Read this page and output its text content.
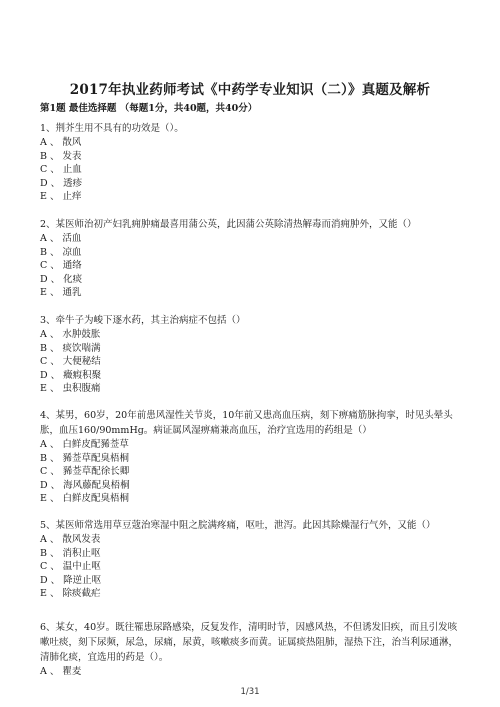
2017年执业药师考试《中药学专业知识（二）》真题及解析
第1题 最佳选择题 （每题1分，共40题，共40分）

1、荆芥生用不具有的功效是（）。

A 、 散风

B 、 发表

C 、 止血

D 、 透疹

E 、 止痒

2、某医师治初产妇乳痈肿痛最喜用蒲公英，此因蒲公英除清热解毒而消痈肿外，又能（）

A 、 活血

B 、 凉血

C 、 通络

D 、 化痰

E 、 通乳

3、牵牛子为峻下逐水药，其主治病症不包括（）

A 、 水肿鼓胀

B 、 痰饮喘满

C 、 大便秘结

D 、 癥瘕积聚

E 、 虫积腹痛

4、某男，60岁，20年前患风湿性关节炎，10年前又患高血压病，刻下痹痛筋脉拘挛，时见头晕头胀，血压160/90mmHg。病证属风湿痹痛兼高血压，治疗宜选用的药组是（）

A 、 白鲜皮配豨莶草

B 、 豨莶草配臭梧桐

C 、 豨莶草配徐长卿

D 、 海风藤配臭梧桐

E 、 白鲜皮配臭梧桐

5、某医师常选用草豆蔻治寒湿中阻之脘满疼痛，呕吐，泄泻。此因其除燥湿行气外，又能（）

A 、 散风发表

B 、 消积止呕

C 、 温中止呕

D 、 降逆止呕

E 、 除痰截疟

6、某女，40岁。既往罹患尿路感染，反复发作，清明时节，因感风热，不但诱发旧疾，而且引发咳嗽吐痰，刻下尿频，尿急，尿痛，尿黄，咳嗽痰多而黄。证属痰热阻肺，湿热下注，治当利尿通淋，清肺化痰，宜选用的药是（）。

A 、 瞿麦

1/31
